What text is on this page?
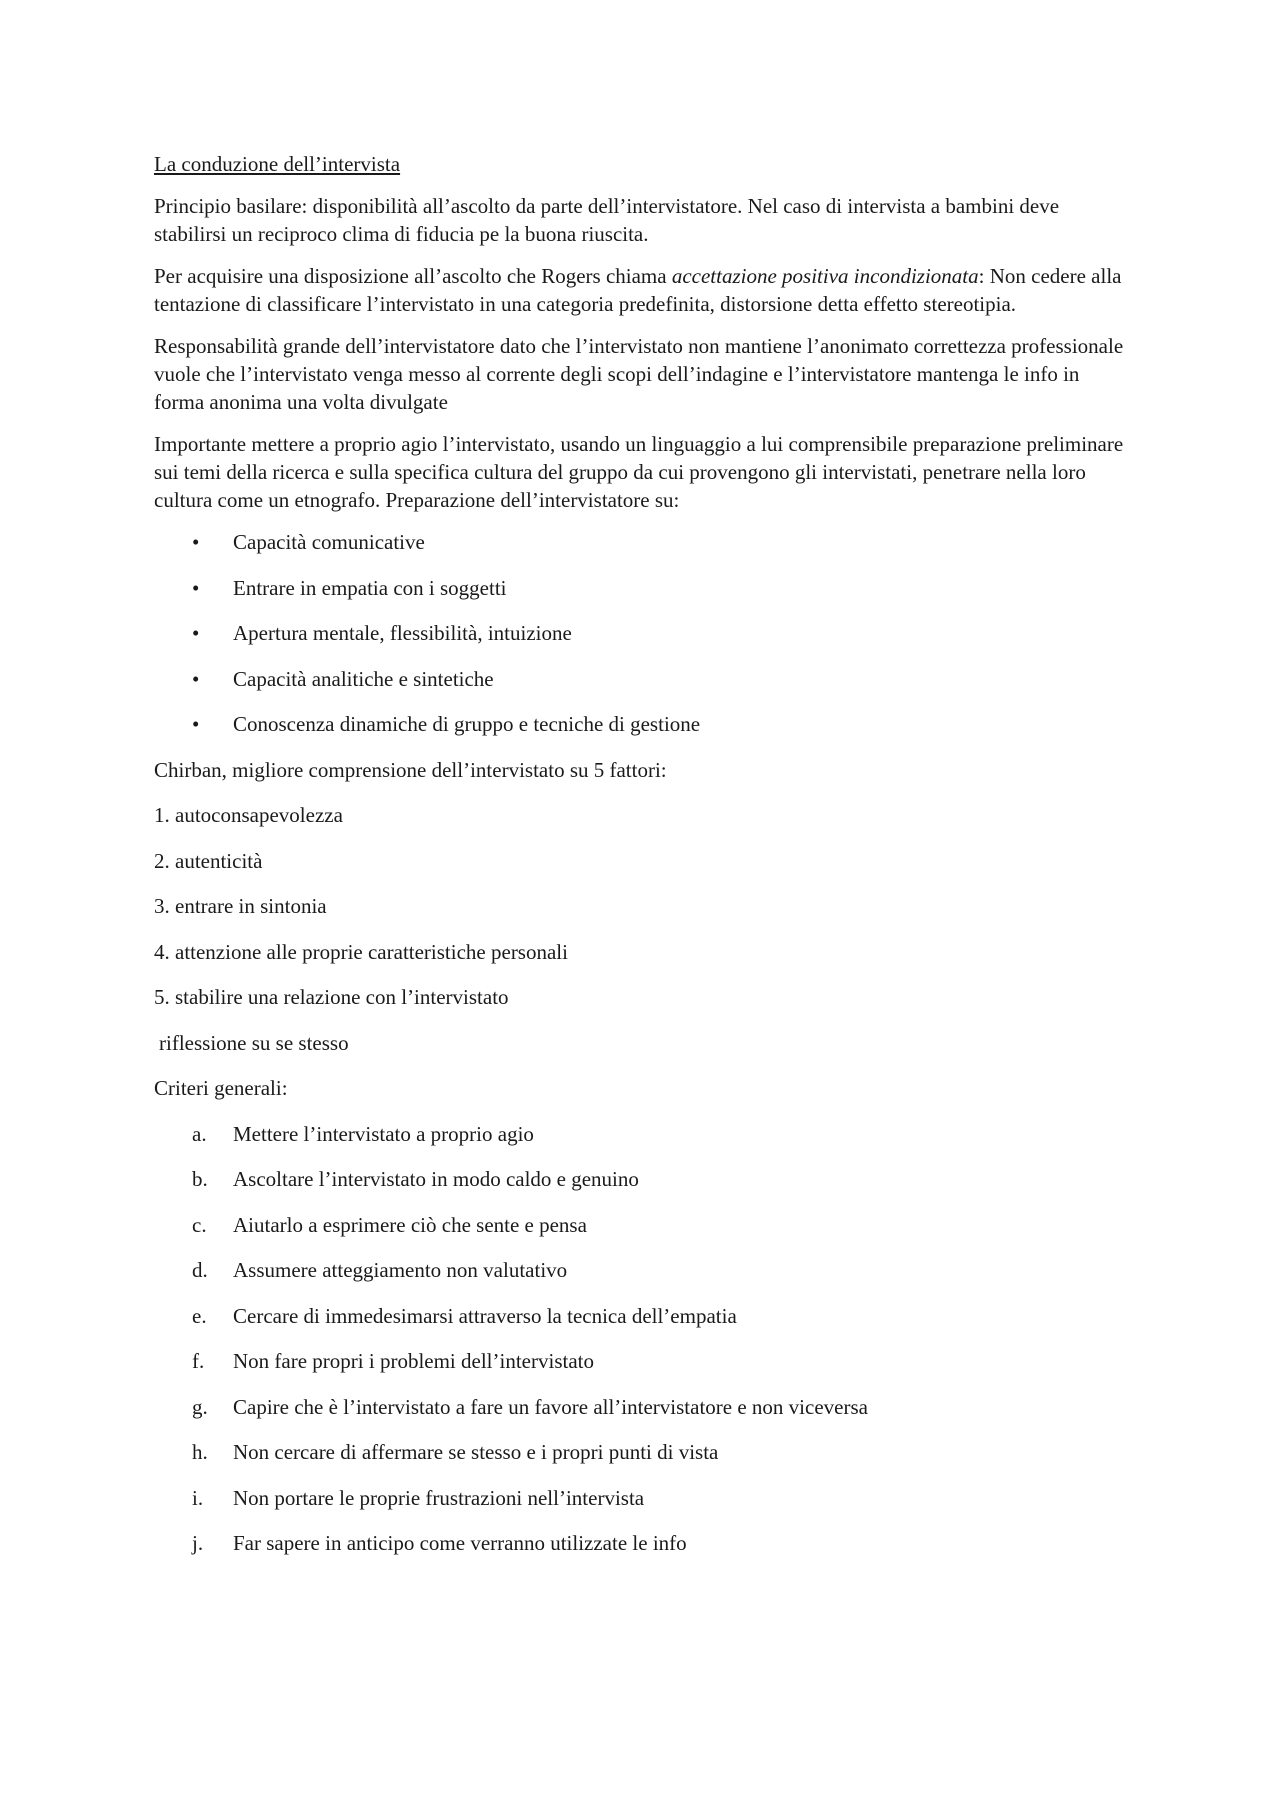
La conduzione dell’intervista

Principio basilare: disponibilità all’ascolto da parte dell’intervistatore. Nel caso di intervista a bambini deve stabilirsi un reciproco clima di fiducia pe la buona riuscita.

Per acquisire una disposizione all’ascolto che Rogers chiama accettazione positiva incondizionata: Non cedere alla tentazione di classificare l’intervistato in una categoria predefinita, distorsione detta effetto stereotipia.

Responsabilità grande dell’intervistatore dato che l’intervistato non mantiene l’anonimato correttezza professionale vuole che l’intervistato venga messo al corrente degli scopi dell’indagine e l’intervistatore mantenga le info in forma anonima una volta divulgate

Importante mettere a proprio agio l’intervistato, usando un linguaggio a lui comprensibile preparazione preliminare sui temi della ricerca e sulla specifica cultura del gruppo da cui provengono gli intervistati, penetrare nella loro cultura come un etnografo. Preparazione dell’intervistatore su:

• Capacità comunicative
• Entrare in empatia con i soggetti
• Apertura mentale, flessibilità, intuizione
• Capacità analitiche e sintetiche
• Conoscenza dinamiche di gruppo e tecniche di gestione
Chirban, migliore comprensione dell’intervistato su 5 fattori:
1. autoconsapevolezza
2. autenticità
3. entrare in sintonia
4. attenzione alle proprie caratteristiche personali
5. stabilire una relazione con l’intervistato
riflessione su se stesso
Criteri generali:
a. Mettere l’intervistato a proprio agio
b. Ascoltare l’intervistato in modo caldo e genuino
c. Aiutarlo a esprimere ciò che sente e pensa
d. Assumere atteggiamento non valutativo
e. Cercare di immedesimarsi attraverso la tecnica dell’empatia
f. Non fare propri i problemi dell’intervistato
g. Capire che è l’intervistato a fare un favore all’intervistatore e non viceversa
h. Non cercare di affermare se stesso e i propri punti di vista
i. Non portare le proprie frustrazioni nell’intervista
j. Far sapere in anticipo come verranno utilizzate le info
